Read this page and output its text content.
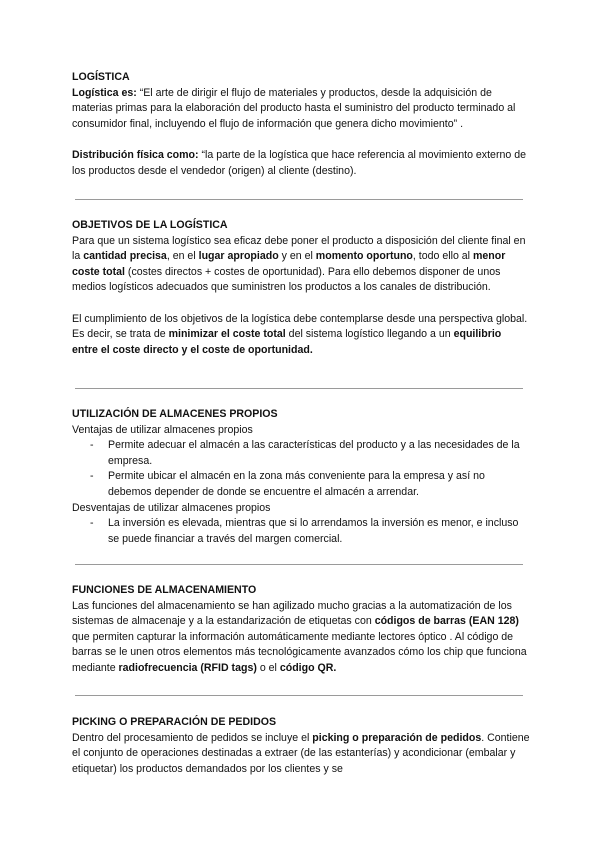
LOGÍSTICA

Logística es: “El arte de dirigir el flujo de materiales y productos, desde la adquisición de materias primas para la elaboración del producto hasta el suministro del producto terminado al consumidor final, incluyendo el flujo de información que genera dicho movimiento” .

Distribución física como: “la parte de la logística que hace referencia al movimiento externo de los productos desde el vendedor (origen) al cliente (destino).

OBJETIVOS DE LA LOGÍSTICA

Para que un sistema logístico sea eficaz debe poner el producto a disposición del cliente final en la cantidad precisa, en el lugar apropiado y en el momento oportuno, todo ello al menor coste total (costes directos + costes de oportunidad). Para ello debemos disponer de unos medios logísticos adecuados que suministren los productos a los canales de distribución.

El cumplimiento de los objetivos de la logística debe contemplarse desde una perspectiva global. Es decir, se trata de minimizar el coste total del sistema logístico llegando a un equilibrio entre el coste directo y el coste de oportunidad.

UTILIZACIÓN DE ALMACENES PROPIOS

Ventajas de utilizar almacenes propios

- Permite adecuar el almacén a las características del producto y a las necesidades de la empresa.
- Permite ubicar el almacén en la zona más conveniente para la empresa y así no debemos depender de donde se encuentre el almacén a arrendar.

Desventajas de utilizar almacenes propios

- La inversión es elevada, mientras que si lo arrendamos la inversión es menor, e incluso se puede financiar a través del margen comercial.
FUNCIONES DE ALMACENAMIENTO

Las funciones del almacenamiento se han agilizado mucho gracias a la automatización de los sistemas de almacenaje y a la estandarización de etiquetas con códigos de barras (EAN 128) que permiten capturar la información automáticamente mediante lectores óptico . Al código de barras se le unen otros elementos más tecnológicamente avanzados cómo los chip que funciona mediante radiofrecuencia (RFID tags) o el código QR.

PICKING O PREPARACIÓN DE PEDIDOS

Dentro del procesamiento de pedidos se incluye el picking o preparación de pedidos. Contiene el conjunto de operaciones destinadas a extraer (de las estanterías) y acondicionar (embalar y etiquetar) los productos demandados por los clientes y se
